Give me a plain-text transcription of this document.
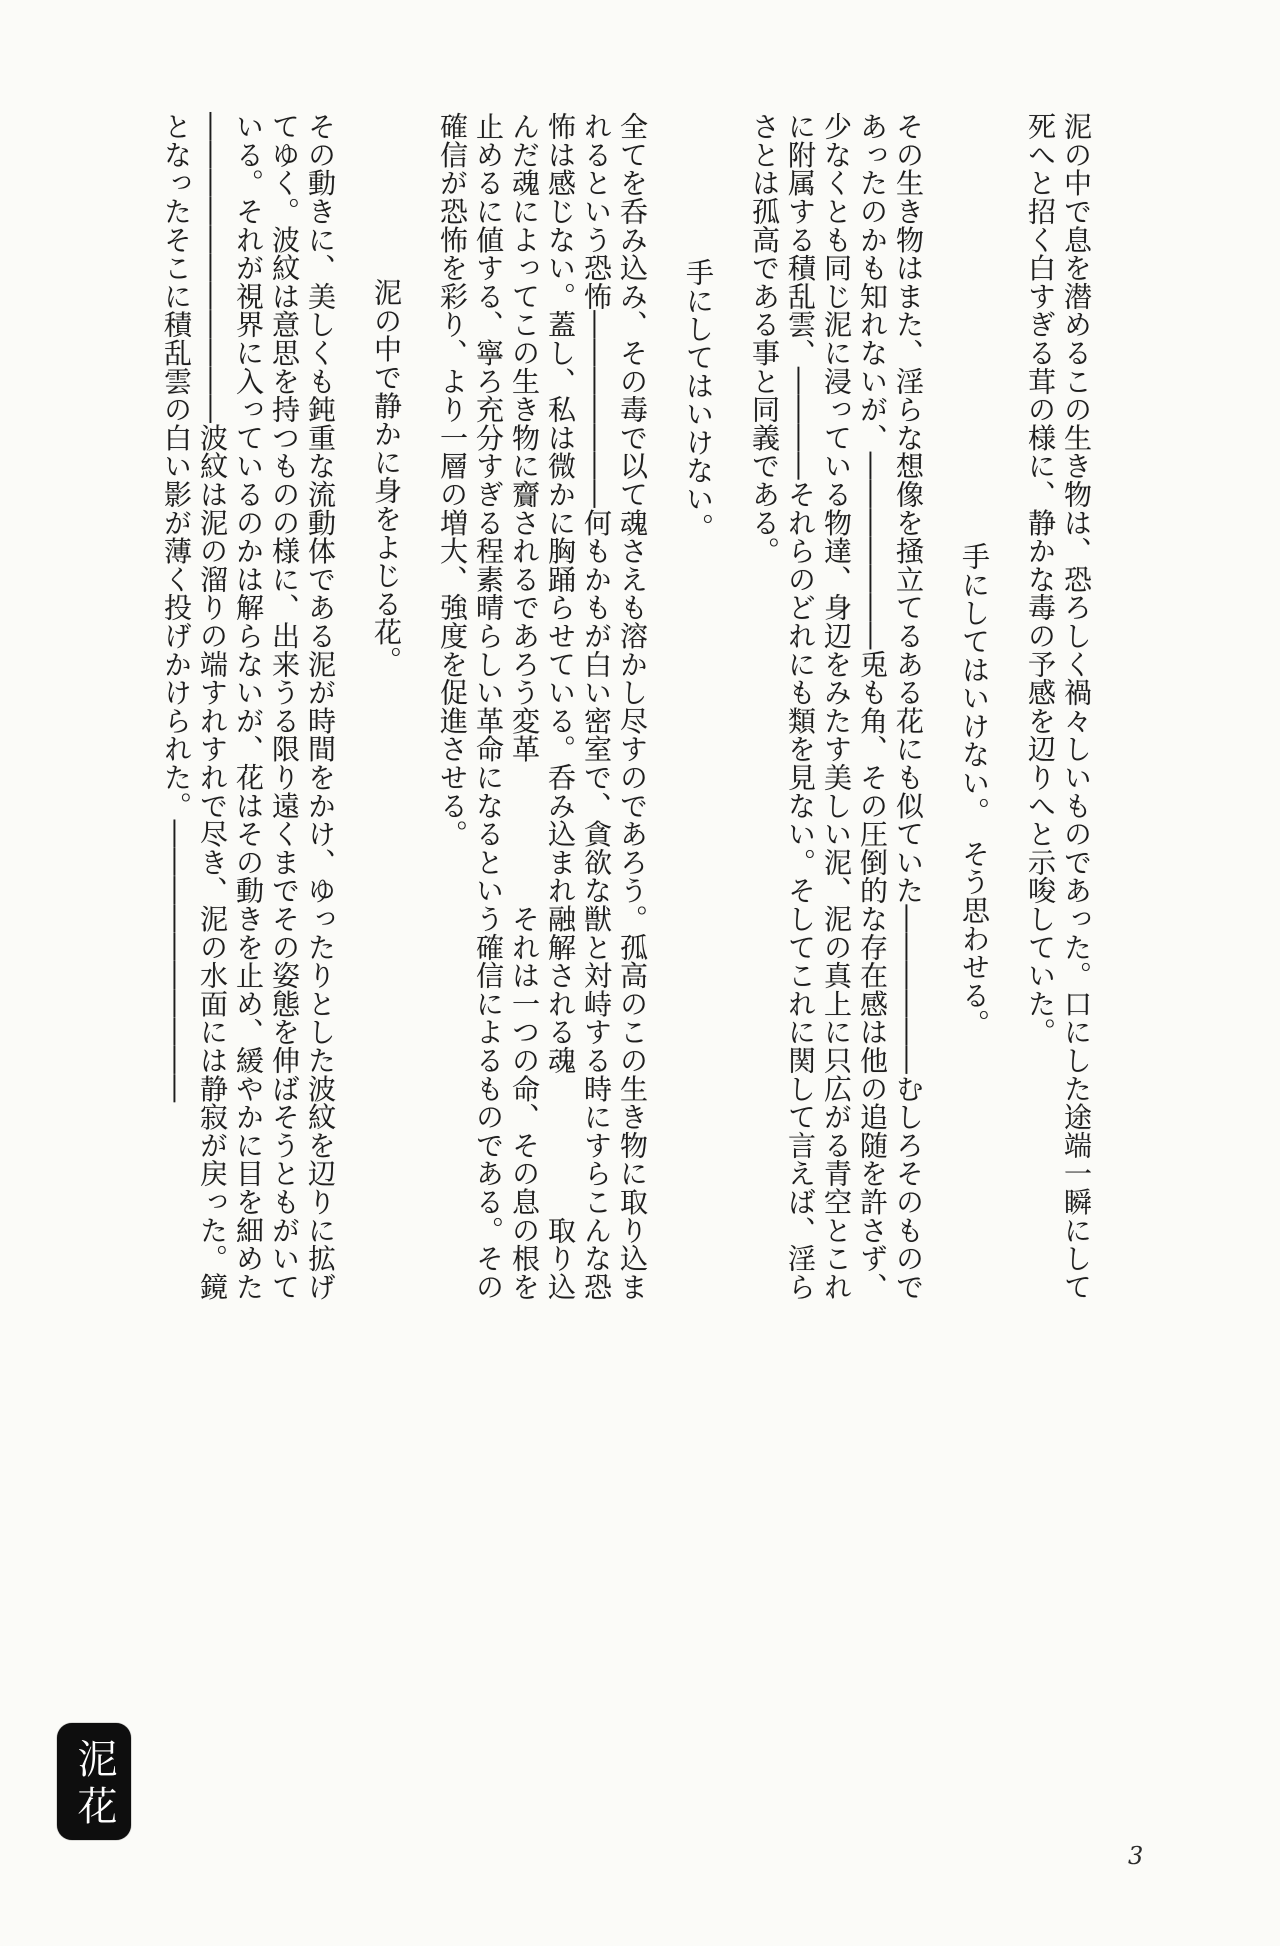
泥の中で息を潜めるこの生き物は、恐ろしく禍々しいものであった。口にした途端一瞬にして死へと招く白すぎる茸の様に、静かな毒の予感を辺りへと示唆していた。

手にしてはいけない。　そう思わせる。

その生き物はまた、淫らな想像を掻立てるある花にも似ていた――――――むしろそのものであったのかも知れないが、―――――――兎も角、その圧倒的な存在感は他の追随を許さず、少なくとも同じ泥に浸っている物達、身辺をみたす美しい泥、泥の真上に只広がる青空とこれに附属する積乱雲、――――それらのどれにも類を見ない。そしてこれに関して言えば、淫らさとは孤高である事と同義である。

手にしてはいけない。

全てを呑み込み、その毒で以て魂さえも溶かし尽すのであろう。孤高のこの生き物に取り込まれるという恐怖―――――――何もかもが白い密室で、貪欲な獣と対峙する時にすらこんな恐怖は感じない。蓋し、私は微かに胸踊らせている。呑み込まれ融解される魂　　　　　取り込んだ魂によってこの生き物に齎されるであろう変革　　　　　それは一つの命、その息の根を止めるに値する、寧ろ充分すぎる程素晴らしい革命になるという確信によるものである。その確信が恐怖を彩り、より一層の増大、強度を促進させる。

泥の中で静かに身をよじる花。

その動きに、美しくも鈍重な流動体である泥が時間をかけ、ゆったりとした波紋を辺りに拡げてゆく。波紋は意思を持つものの様に、出来うる限り遠くまでその姿態を伸ばそうともがいている。それが視界に入っているのかは解らないが、花はその動きを止め、緩やかに目を細めた―――――――――――波紋は泥の溜りの端すれすれで尽き、泥の水面には静寂が戻った。鏡となったそこに積乱雲の白い影が薄く投げかけられた。――――――――――

泥花
3
